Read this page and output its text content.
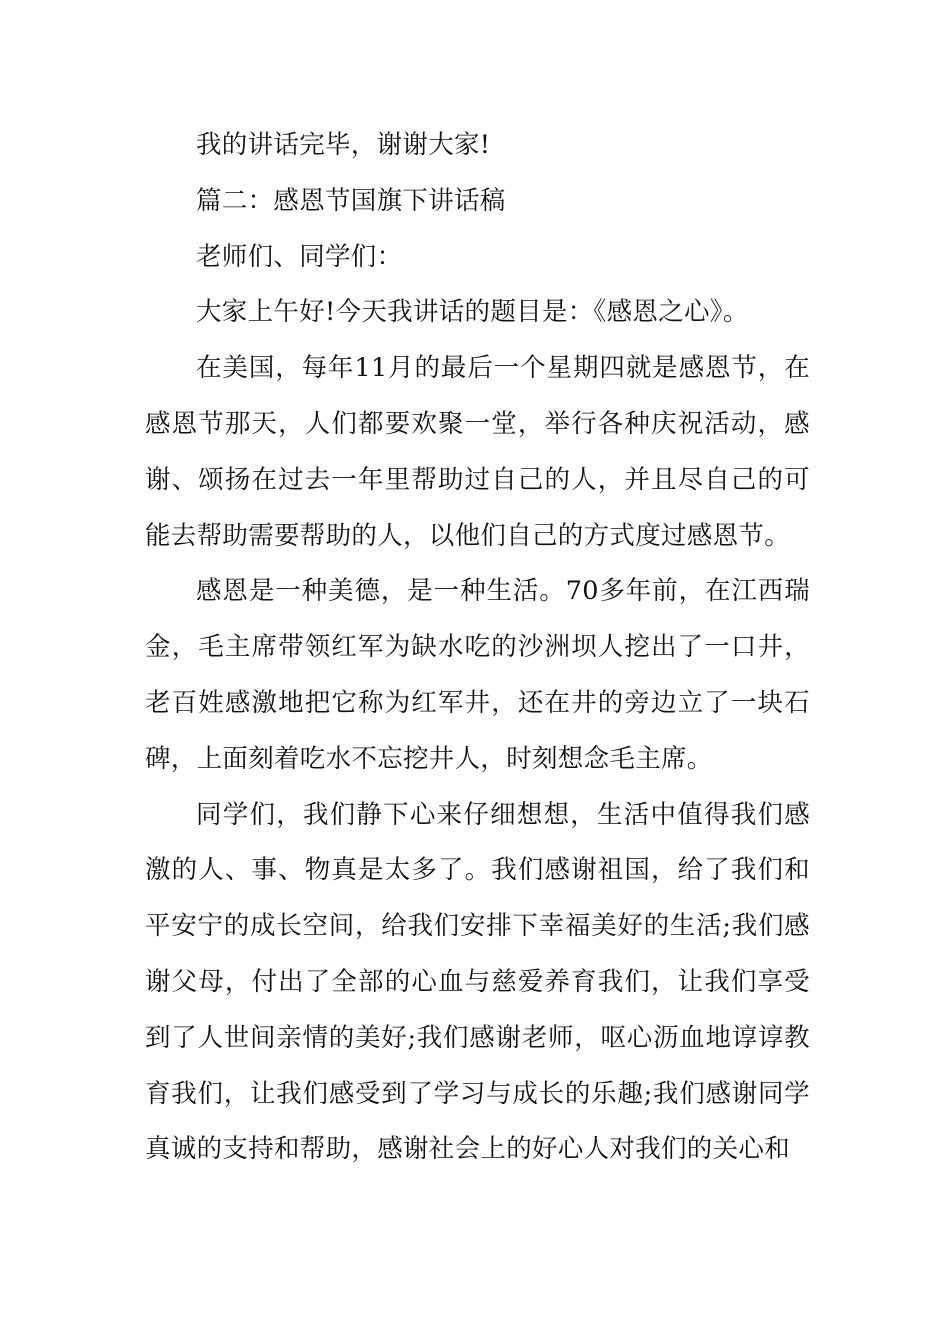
我的讲话完毕，谢谢大家!

篇二：感恩节国旗下讲话稿

老师们、同学们：

大家上午好!今天我讲话的题目是：《感恩之心》。

在美国，每年11月的最后一个星期四就是感恩节，在感恩节那天，人们都要欢聚一堂，举行各种庆祝活动，感谢、颂扬在过去一年里帮助过自己的人，并且尽自己的可能去帮助需要帮助的人，以他们自己的方式度过感恩节。

感恩是一种美德，是一种生活。70多年前，在江西瑞金，毛主席带领红军为缺水吃的沙洲坝人挖出了一口井，老百姓感激地把它称为红军井，还在井的旁边立了一块石碑，上面刻着吃水不忘挖井人，时刻想念毛主席。

同学们，我们静下心来仔细想想，生活中值得我们感激的人、事、物真是太多了。我们感谢祖国，给了我们和平安宁的成长空间，给我们安排下幸福美好的生活;我们感谢父母，付出了全部的心血与慈爱养育我们，让我们享受到了人世间亲情的美好;我们感谢老师，呕心沥血地谆谆教育我们，让我们感受到了学习与成长的乐趣;我们感谢同学真诚的支持和帮助，感谢社会上的好心人对我们的关心和
